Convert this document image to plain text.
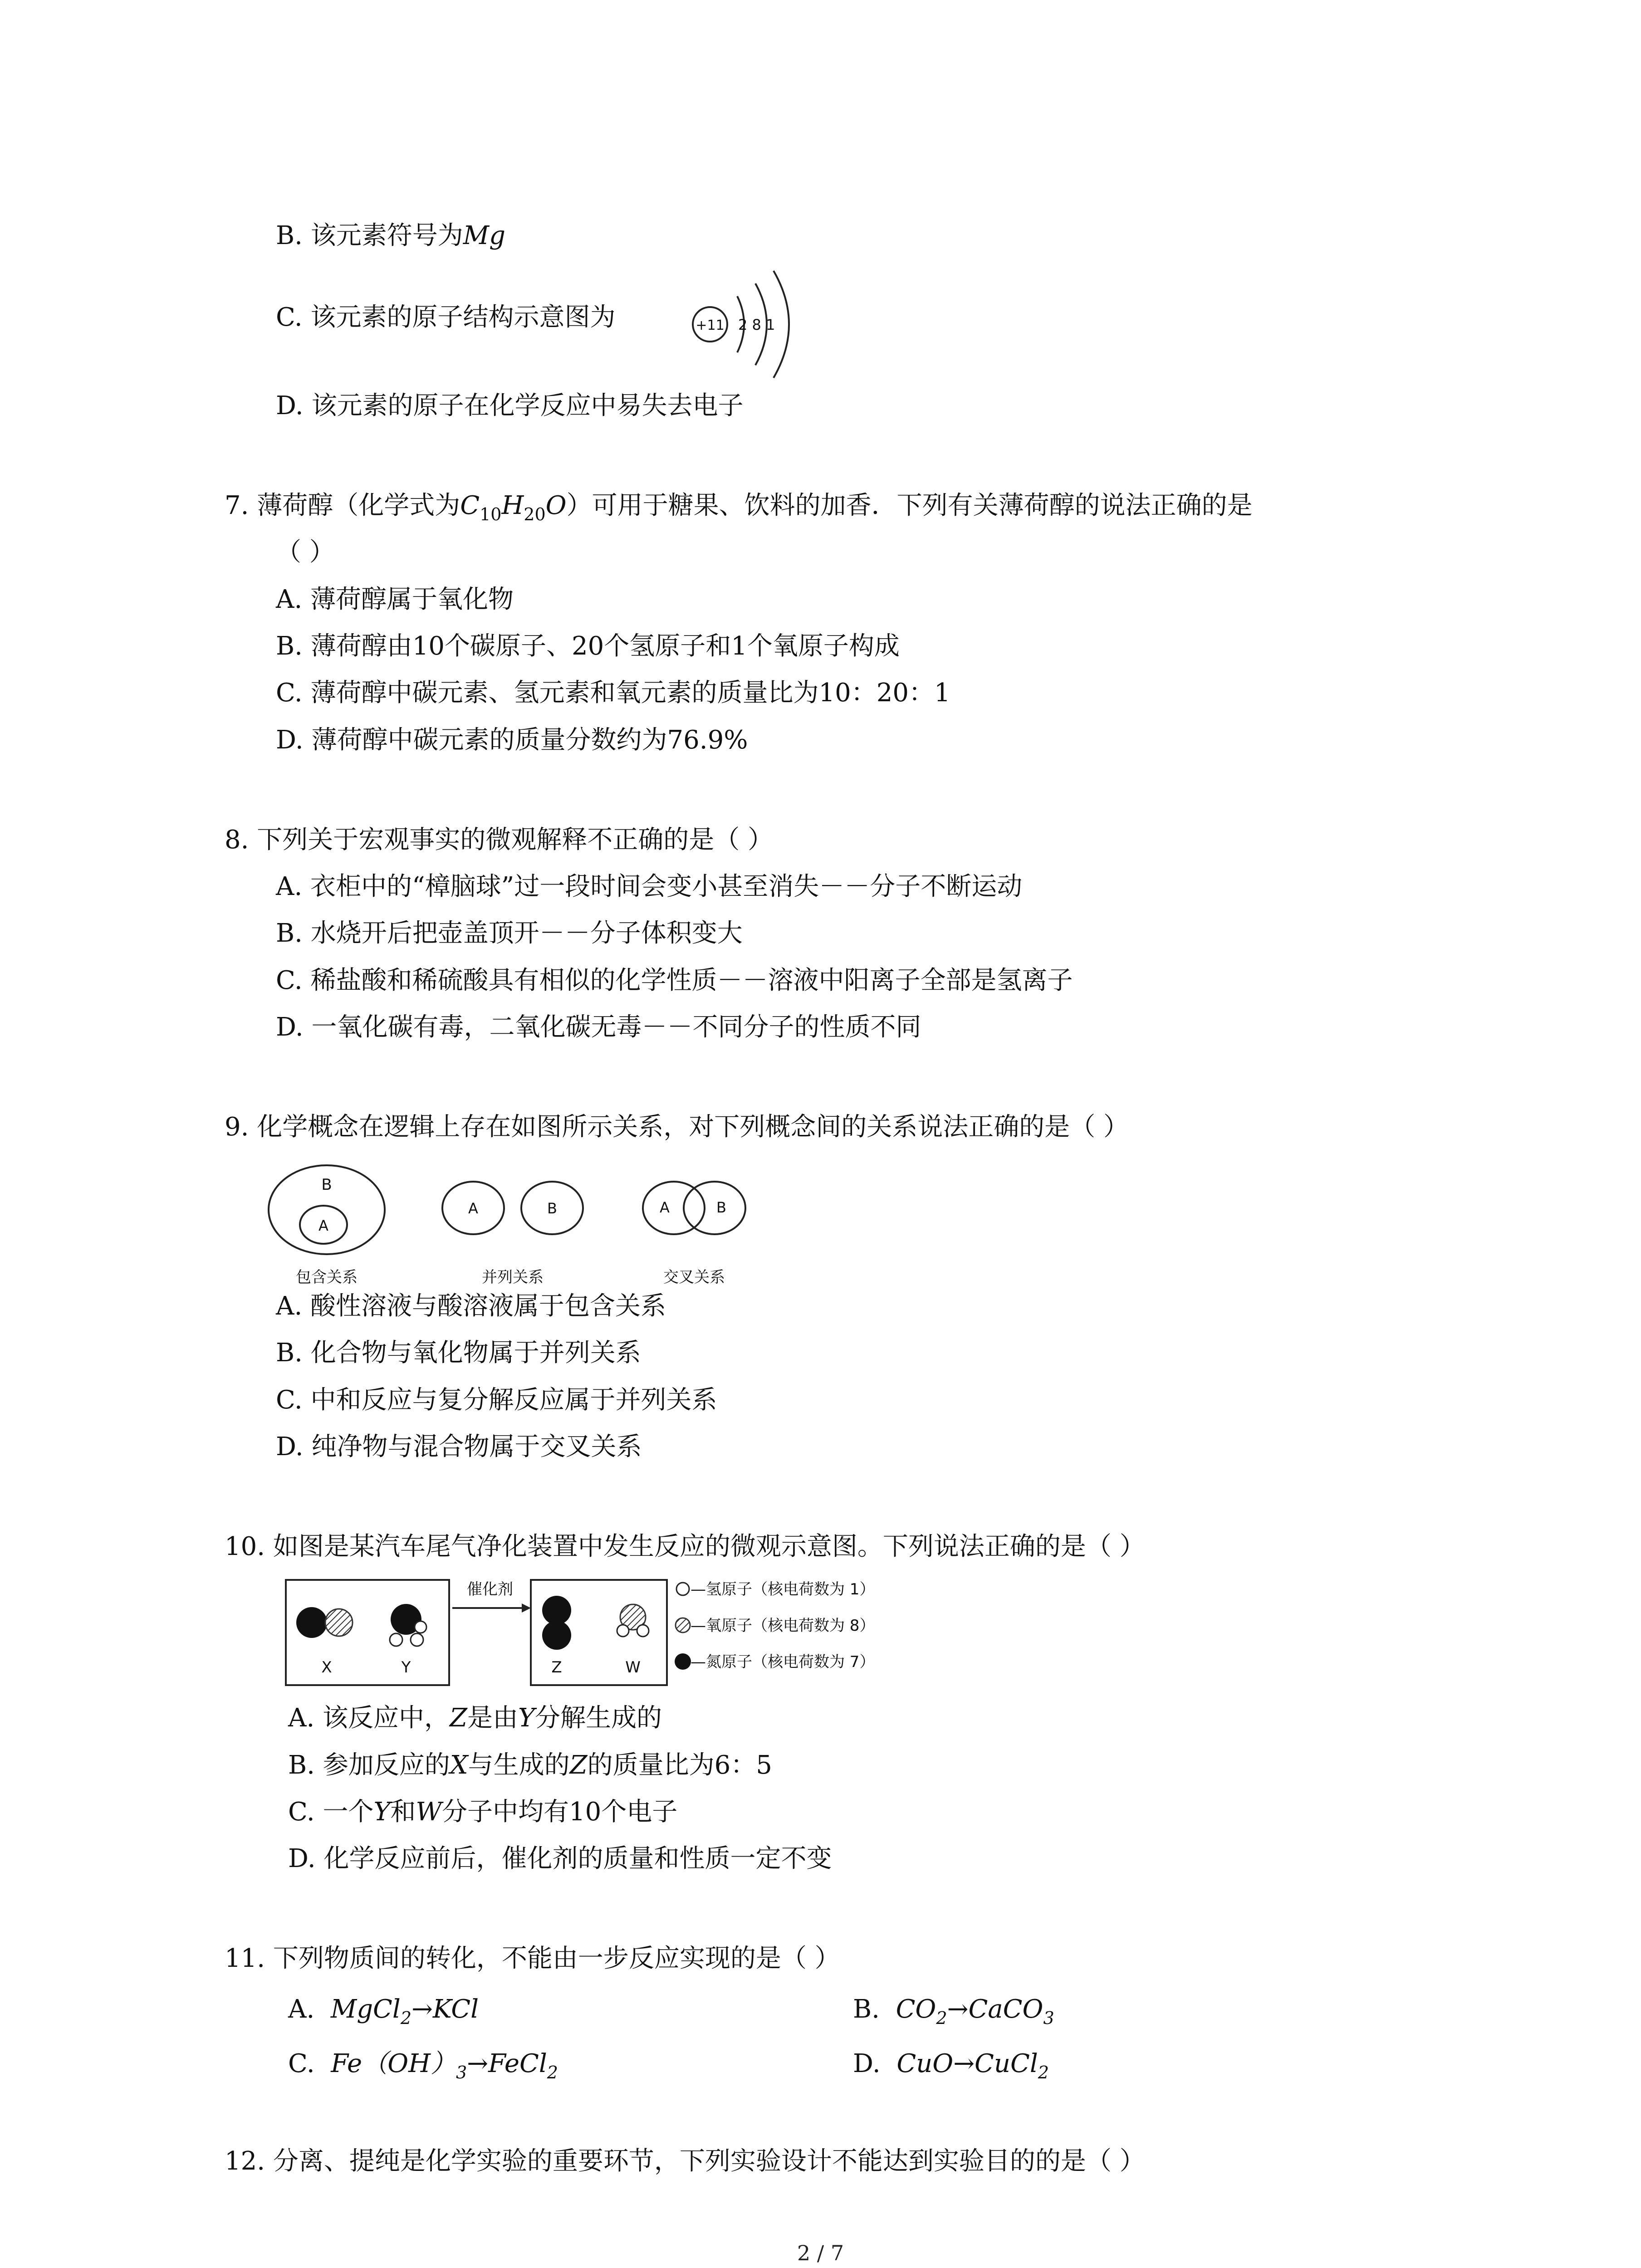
B. 该元素符号为Mg
C. 该元素的原子结构示意图为	+11 2 8 1
D. 该元素的原子在化学反应中易失去电子
7. 薄荷醇（化学式为$C_{10}H_{20}O$）可用于糖果、饮料的加香．下列有关薄荷醇的说法正确的是
（ ）
A. 薄荷醇属于氧化物
B. 薄荷醇由10个碳原子、20个氢原子和1个氧原子构成
C. 薄荷醇中碳元素、氢元素和氧元素的质量比为10：20：1
D. 薄荷醇中碳元素的质量分数约为76.9%
8. 下列关于宏观事实的微观解释不正确的是（ ）
A. 衣柜中的“樟脑球”过一段时间会变小甚至消失－－分子不断运动
B. 水烧开后把壶盖顶开－－分子体积变大
C. 稀盐酸和稀硫酸具有相似的化学性质－－溶液中阳离子全部是氢离子
D. 一氧化碳有毒，二氧化碳无毒－－不同分子的性质不同
9. 化学概念在逻辑上存在如图所示关系，对下列概念间的关系说法正确的是（ ）
B
A
包含关系
A	B
并列关系
A	B
交叉关系
A. 酸性溶液与酸溶液属于包含关系
B. 化合物与氧化物属于并列关系
C. 中和反应与复分解反应属于并列关系
D. 纯净物与混合物属于交叉关系
10. 如图是某汽车尾气净化装置中发生反应的微观示意图。下列说法正确的是（ ）
X	Y
催化剂
Z	W
—氢原子（核电荷数为 1）
—氧原子（核电荷数为 8）
—氮原子（核电荷数为 7）
A. 该反应中，Z是由Y分解生成的
B. 参加反应的X与生成的Z的质量比为6：5
C. 一个Y和W分子中均有10个电子
D. 化学反应前后，催化剂的质量和性质一定不变
11. 下列物质间的转化，不能由一步反应实现的是（ ）
A. MgCl$_2$→KCl	B. $CO_2\to CaCO_3$
C. $Fe(OH)_3\to FeCl_2$	D. CuO→CuCl$_2$
12. 分离、提纯是化学实验的重要环节，下列实验设计不能达到实验目的的是（ ）
2 / 7
